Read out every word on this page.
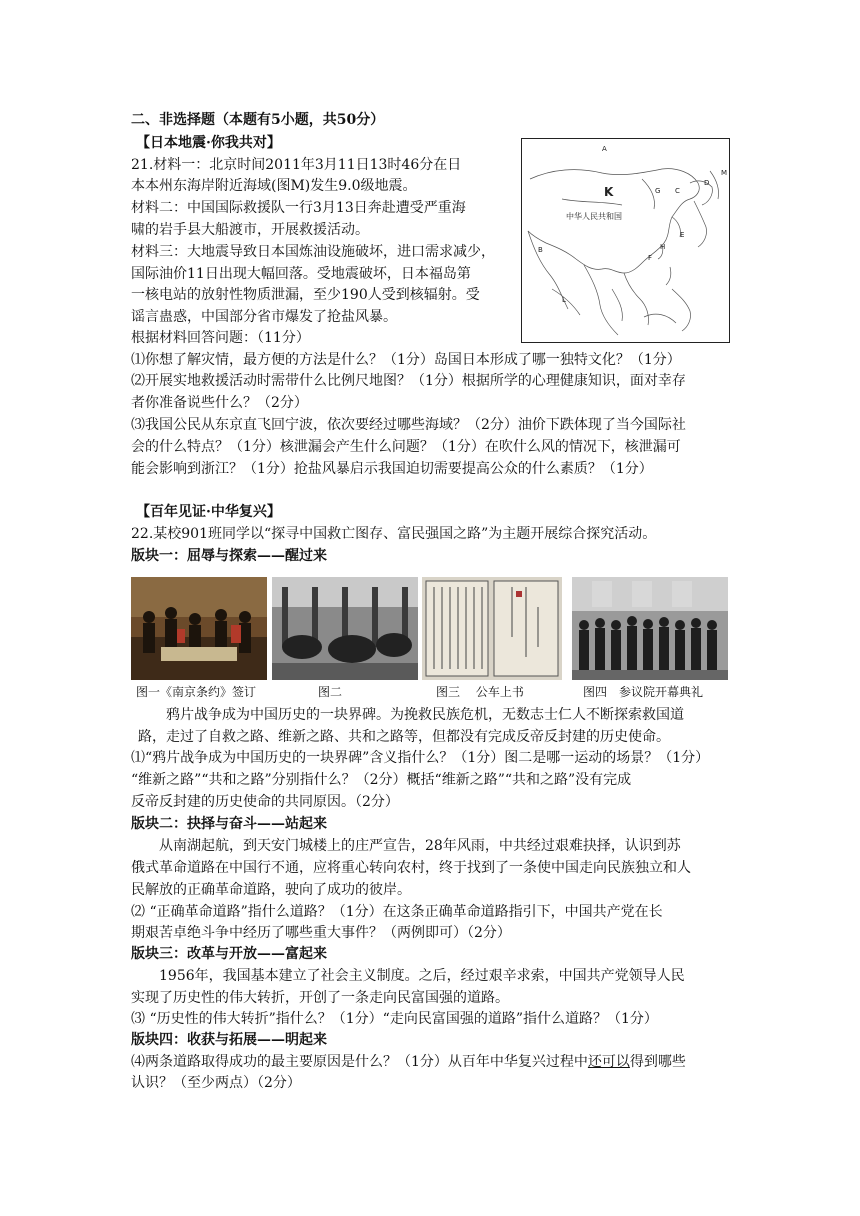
二、非选择题（本题有5小题，共50分）
【日本地震·你我共对】
21.材料一：北京时间2011年3月11日13时46分在日
本本州东海岸附近海域(图M)发生9.0级地震。
材料二：中国国际救援队一行3月13日奔赴遭受严重海
啸的岩手县大船渡市，开展救援活动。
材料三：大地震导致日本国炼油设施破坏，进口需求减少，
国际油价11日出现大幅回落。受地震破坏，日本福岛第
一核电站的放射性物质泄漏，至少190人受到核辐射。受
谣言蛊惑，中国部分省市爆发了抢盐风暴。
根据材料回答问题：（11分）
⑴你想了解灾情，最方便的方法是什么？（1分）岛国日本形成了哪一独特文化？（1分）
⑵开展实地救援活动时需带什么比例尺地图？（1分）根据所学的心理健康知识，面对幸存
者你准备说些什么？（2分）
⑶我国公民从东京直飞回宁波，依次要经过哪些海域？（2分）油价下跌体现了当今国际社
会的什么特点？（1分）核泄漏会产生什么问题？（1分）在吹什么风的情况下，核泄漏可
能会影响到浙江？（1分）抢盐风暴启示我国迫切需要提高公众的什么素质？（1分）
A
K	G C
D
M
中华人民共和国
B
E
H
F
L
【百年见证·中华复兴】
22.某校901班同学以“探寻中国救亡图存、富民强国之路”为主题开展综合探究活动。
版块一：屈辱与探索——醒过来
图一《南京条约》签订	图二	图三　 公车上书	图四　参议院开幕典礼
鸦片战争成为中国历史的一块界碑。为挽救民族危机，无数志士仁人不断探索救国道
路，走过了自救之路、维新之路、共和之路等，但都没有完成反帝反封建的历史使命。
⑴“鸦片战争成为中国历史的一块界碑”含义指什么？（1分）图二是哪一运动的场景？（1分）
“维新之路”“共和之路”分别指什么？（2分）概括“维新之路”“共和之路”没有完成
反帝反封建的历史使命的共同原因。（2分）
版块二：抉择与奋斗——站起来
从南湖起航，到天安门城楼上的庄严宣告，28年风雨，中共经过艰难抉择，认识到苏
俄式革命道路在中国行不通，应将重心转向农村，终于找到了一条使中国走向民族独立和人
民解放的正确革命道路，驶向了成功的彼岸。
⑵ “正确革命道路”指什么道路？（1分）在这条正确革命道路指引下，中国共产党在长
期艰苦卓绝斗争中经历了哪些重大事件？（两例即可）（2分）
版块三：改革与开放——富起来
1956年，我国基本建立了社会主义制度。之后，经过艰辛求索，中国共产党领导人民
实现了历史性的伟大转折，开创了一条走向民富国强的道路。
⑶ “历史性的伟大转折”指什么？（1分）“走向民富国强的道路”指什么道路？（1分）
版块四：收获与拓展——明起来
⑷两条道路取得成功的最主要原因是什么？（1分）从百年中华复兴过程中还可以得到哪些
认识？（至少两点）（2分）
